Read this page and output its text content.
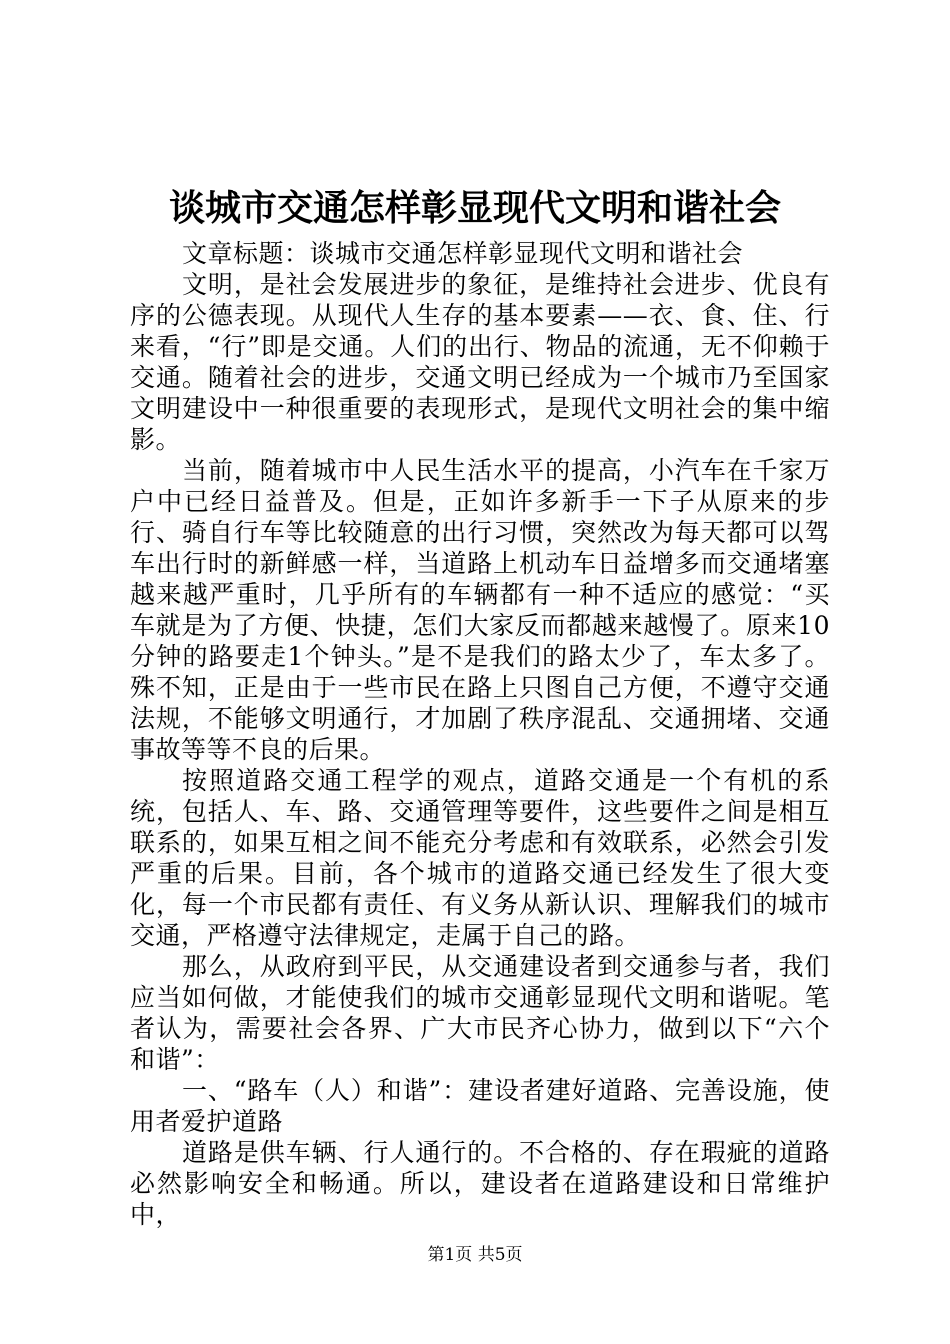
谈城市交通怎样彰显现代文明和谐社会

文章标题：谈城市交通怎样彰显现代文明和谐社会

文明，是社会发展进步的象征，是维持社会进步、优良有序的公德表现。从现代人生存的基本要素——衣、食、住、行来看，“行”即是交通。人们的出行、物品的流通，无不仰赖于交通。随着社会的进步，交通文明已经成为一个城市乃至国家文明建设中一种很重要的表现形式，是现代文明社会的集中缩影。

当前，随着城市中人民生活水平的提高，小汽车在千家万户中已经日益普及。但是，正如许多新手一下子从原来的步行、骑自行车等比较随意的出行习惯，突然改为每天都可以驾车出行时的新鲜感一样，当道路上机动车日益增多而交通堵塞越来越严重时，几乎所有的车辆都有一种不适应的感觉：“买车就是为了方便、快捷，怎们大家反而都越来越慢了。原来10分钟的路要走1个钟头。”是不是我们的路太少了，车太多了。殊不知，正是由于一些市民在路上只图自己方便，不遵守交通法规，不能够文明通行，才加剧了秩序混乱、交通拥堵、交通事故等等不良的后果。

按照道路交通工程学的观点，道路交通是一个有机的系统，包括人、车、路、交通管理等要件，这些要件之间是相互联系的，如果互相之间不能充分考虑和有效联系，必然会引发严重的后果。目前，各个城市的道路交通已经发生了很大变化，每一个市民都有责任、有义务从新认识、理解我们的城市交通，严格遵守法律规定，走属于自己的路。

那么，从政府到平民，从交通建设者到交通参与者，我们应当如何做，才能使我们的城市交通彰显现代文明和谐呢。笔者认为，需要社会各界、广大市民齐心协力，做到以下“六个和谐”：

一、“路车（人）和谐”：建设者建好道路、完善设施，使用者爱护道路

道路是供车辆、行人通行的。不合格的、存在瑕疵的道路必然影响安全和畅通。所以，建设者在道路建设和日常维护中，

第1页 共5页
